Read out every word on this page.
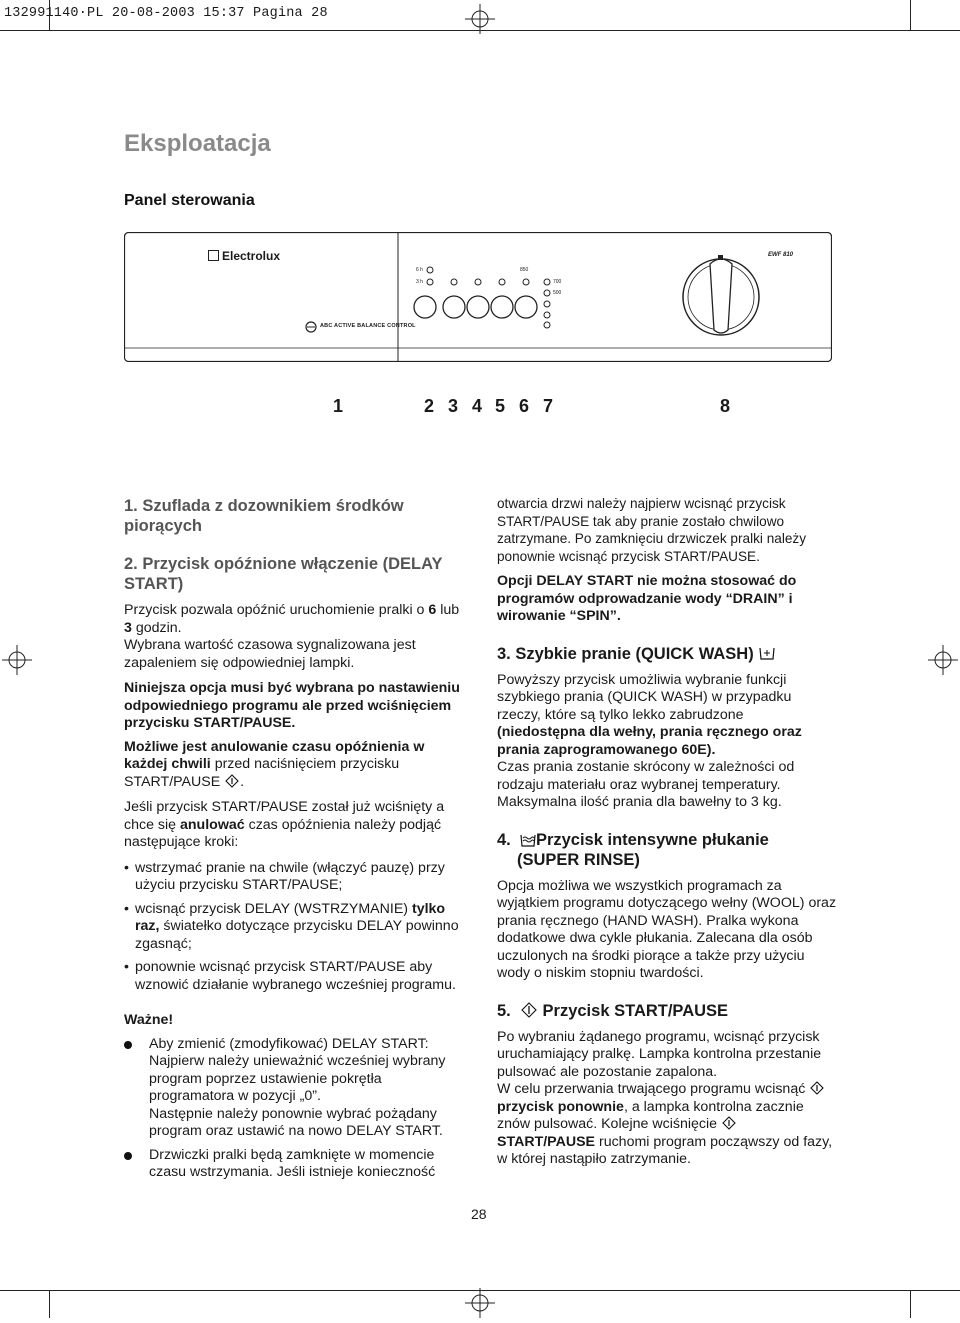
132991140·PL 20-08-2003 15:37 Pagina 28
Eksploatacja
Panel sterowania
Electrolux
ABC ACTIVE BALANCE CONTROL
EWF 810
6 h
3 h
850
700
500
1	2 3 4 5 6 7	8
1. Szuflada z dozownikiem środków piorących
2. Przycisk opóźnione włączenie (DELAY START)

Przycisk pozwala opóźnić uruchomienie pralki o 6 lub 3 godzin.

Wybrana wartość czasowa sygnalizowana jest zapaleniem się odpowiedniej lampki.

Niniejsza opcja musi być wybrana po nastawieniu odpowiedniego programu ale przed wciśnięciem przycisku START/PAUSE.

Możliwe jest anulowanie czasu opóźnienia w każdej chwili przed naciśnięciem przycisku START/PAUSE .

Jeśli przycisk START/PAUSE został już wciśnięty a chce się anulować czas opóźnienia należy podjąć następujące kroki:

• wstrzymać pranie na chwile (włączyć pauzę) przy użyciu przycisku START/PAUSE;

• wcisnąć przycisk DELAY (WSTRZYMANIE) tylko raz, światełko dotyczące przycisku DELAY powinno zgasnąć;

• ponownie wcisnąć przycisk START/PAUSE aby wznowić działanie wybranego wcześniej programu.

Ważne!

Aby zmienić (zmodyfikować) DELAY START:

Najpierw należy unieważnić wcześniej wybrany program poprzez ustawienie pokrętła programatora w pozycji „0”.

Następnie należy ponownie wybrać pożądany program oraz ustawić na nowo DELAY START.

Drzwiczki pralki będą zamknięte w momencie czasu wstrzymania. Jeśli istnieje konieczność

otwarcia drzwi należy najpierw wcisnąć przycisk START/PAUSE tak aby pranie zostało chwilowo zatrzymane. Po zamknięciu drzwiczek pralki należy ponownie wcisnąć przycisk START/PAUSE.

Opcji DELAY START nie można stosować do programów odprowadzanie wody “DRAIN” i wirowanie “SPIN”.

3. Szybkie pranie (QUICK WASH)

Powyższy przycisk umożliwia wybranie funkcji szybkiego prania (QUICK WASH) w przypadku rzeczy, które są tylko lekko zabrudzone

(niedostępna dla wełny, prania ręcznego oraz prania zaprogramowanego 60E).

Czas prania zostanie skrócony w zależności od rodzaju materiału oraz wybranej temperatury. Maksymalna ilość prania dla bawełny to 3 kg.

4. Przycisk intensywne płukanie
(SUPER RINSE)

Opcja możliwa we wszystkich programach za wyjątkiem programu dotyczącego wełny (WOOL) oraz prania ręcznego (HAND WASH). Pralka wykona dodatkowe dwa cykle płukania. Zalecana dla osób uczulonych na środki piorące a także przy użyciu wody o niskim stopniu twardości.

5. Przycisk START/PAUSE

Po wybraniu żądanego programu, wcisnąć przycisk uruchamiający pralkę. Lampka kontrolna przestanie pulsować ale pozostanie zapalona.

W celu przerwania trwającego programu wcisnąć  przycisk ponownie, a lampka kontrolna zacznie znów pulsować. Kolejne wciśnięcie  START/PAUSE ruchomi program począwszy od fazy, w której nastąpiło zatrzymanie.

28
